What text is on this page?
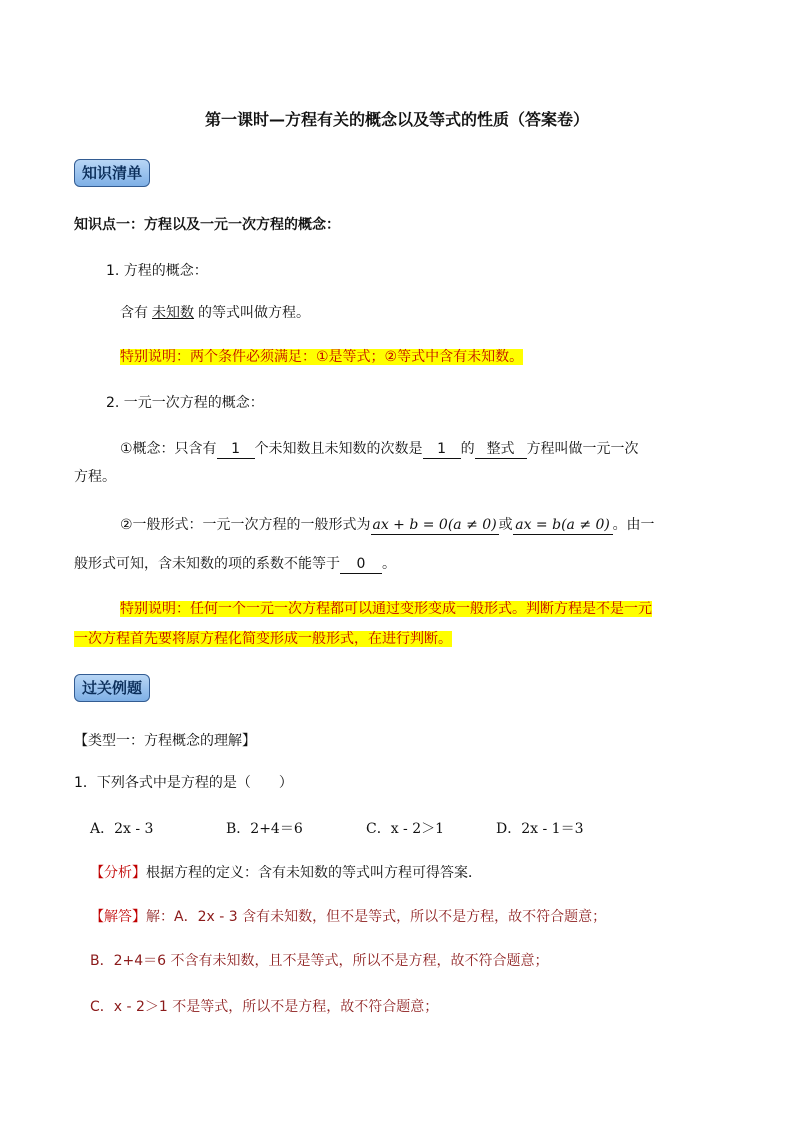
第一课时—方程有关的概念以及等式的性质（答案卷）
知识清单
知识点一：方程以及一元一次方程的概念：
1. 方程的概念：
含有 未知数 的等式叫做方程。
特别说明：两个条件必须满足：①是等式；②等式中含有未知数。
2. 一元一次方程的概念：
①概念：只含有 1 个未知数且未知数的次数是 1 的 整式 方程叫做一元一次
方程。
②一般形式：一元一次方程的一般形式为 ax + b = 0(a ≠ 0) 或 ax = b(a ≠ 0) 。由一
般形式可知，含未知数的项的系数不能等于 0 。
特别说明：任何一个一元一次方程都可以通过变形变成一般形式。判断方程是不是一元
一次方程首先要将原方程化简变形成一般形式，在进行判断。
过关例题
【类型一：方程概念的理解】
1．下列各式中是方程的是（　　）
A．2x - 3	B．2+4＝6	C．x - 2＞1	D．2x - 1＝3
【分析】根据方程的定义：含有未知数的等式叫方程可得答案．
【解答】解：A．2x - 3 含有未知数，但不是等式，所以不是方程，故不符合题意；
B．2+4＝6 不含有未知数，且不是等式，所以不是方程，故不符合题意；
C．x - 2＞1 不是等式，所以不是方程，故不符合题意；
